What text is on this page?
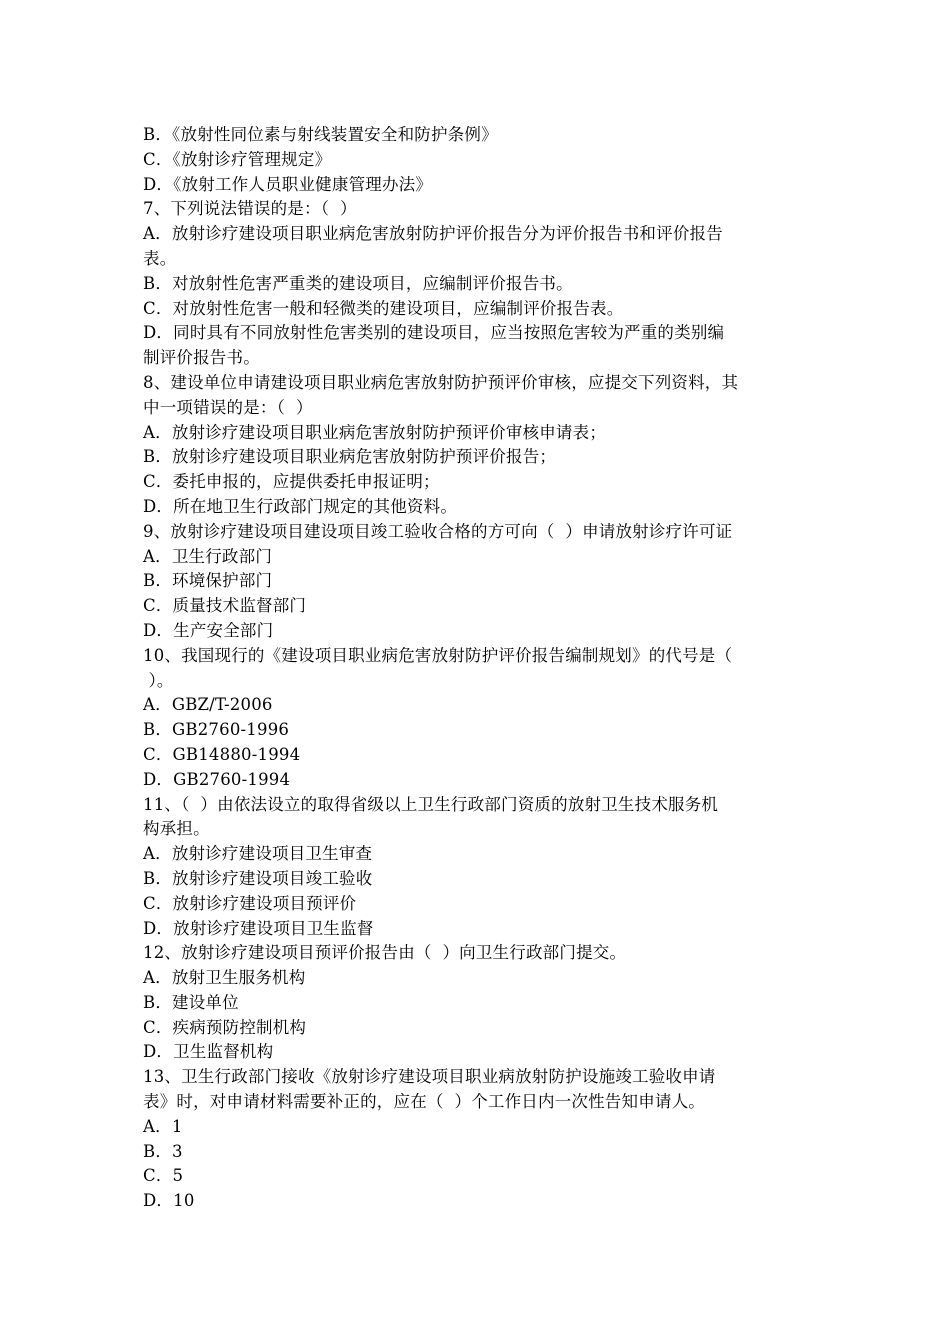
B．《放射性同位素与射线装置安全和防护条例》
C．《放射诊疗管理规定》
D．《放射工作人员职业健康管理办法》
7、下列说法错误的是：（  ）
A．放射诊疗建设项目职业病危害放射防护评价报告分为评价报告书和评价报告
表。
B．对放射性危害严重类的建设项目，应编制评价报告书。
C．对放射性危害一般和轻微类的建设项目，应编制评价报告表。
D．同时具有不同放射性危害类别的建设项目，应当按照危害较为严重的类别编
制评价报告书。
8、建设单位申请建设项目职业病危害放射防护预评价审核，应提交下列资料，其
中一项错误的是：（  ）
A．放射诊疗建设项目职业病危害放射防护预评价审核申请表；
B．放射诊疗建设项目职业病危害放射防护预评价报告；
C．委托申报的，应提供委托申报证明；
D．所在地卫生行政部门规定的其他资料。
9、放射诊疗建设项目建设项目竣工验收合格的方可向（  ）申请放射诊疗许可证
A．卫生行政部门
B．环境保护部门
C．质量技术监督部门
D．生产安全部门
10、我国现行的《建设项目职业病危害放射防护评价报告编制规划》的代号是（
）。
A．GBZ/T-2006
B．GB2760-1996
C．GB14880-1994
D．GB2760-1994
11、（  ）由依法设立的取得省级以上卫生行政部门资质的放射卫生技术服务机
构承担。
A．放射诊疗建设项目卫生审查
B．放射诊疗建设项目竣工验收
C．放射诊疗建设项目预评价
D．放射诊疗建设项目卫生监督
12、放射诊疗建设项目预评价报告由（  ）向卫生行政部门提交。
A．放射卫生服务机构
B．建设单位
C．疾病预防控制机构
D．卫生监督机构
13、卫生行政部门接收《放射诊疗建设项目职业病放射防护设施竣工验收申请
表》时，对申请材料需要补正的，应在（  ）个工作日内一次性告知申请人。
A．1
B．3
C．5
D．10
